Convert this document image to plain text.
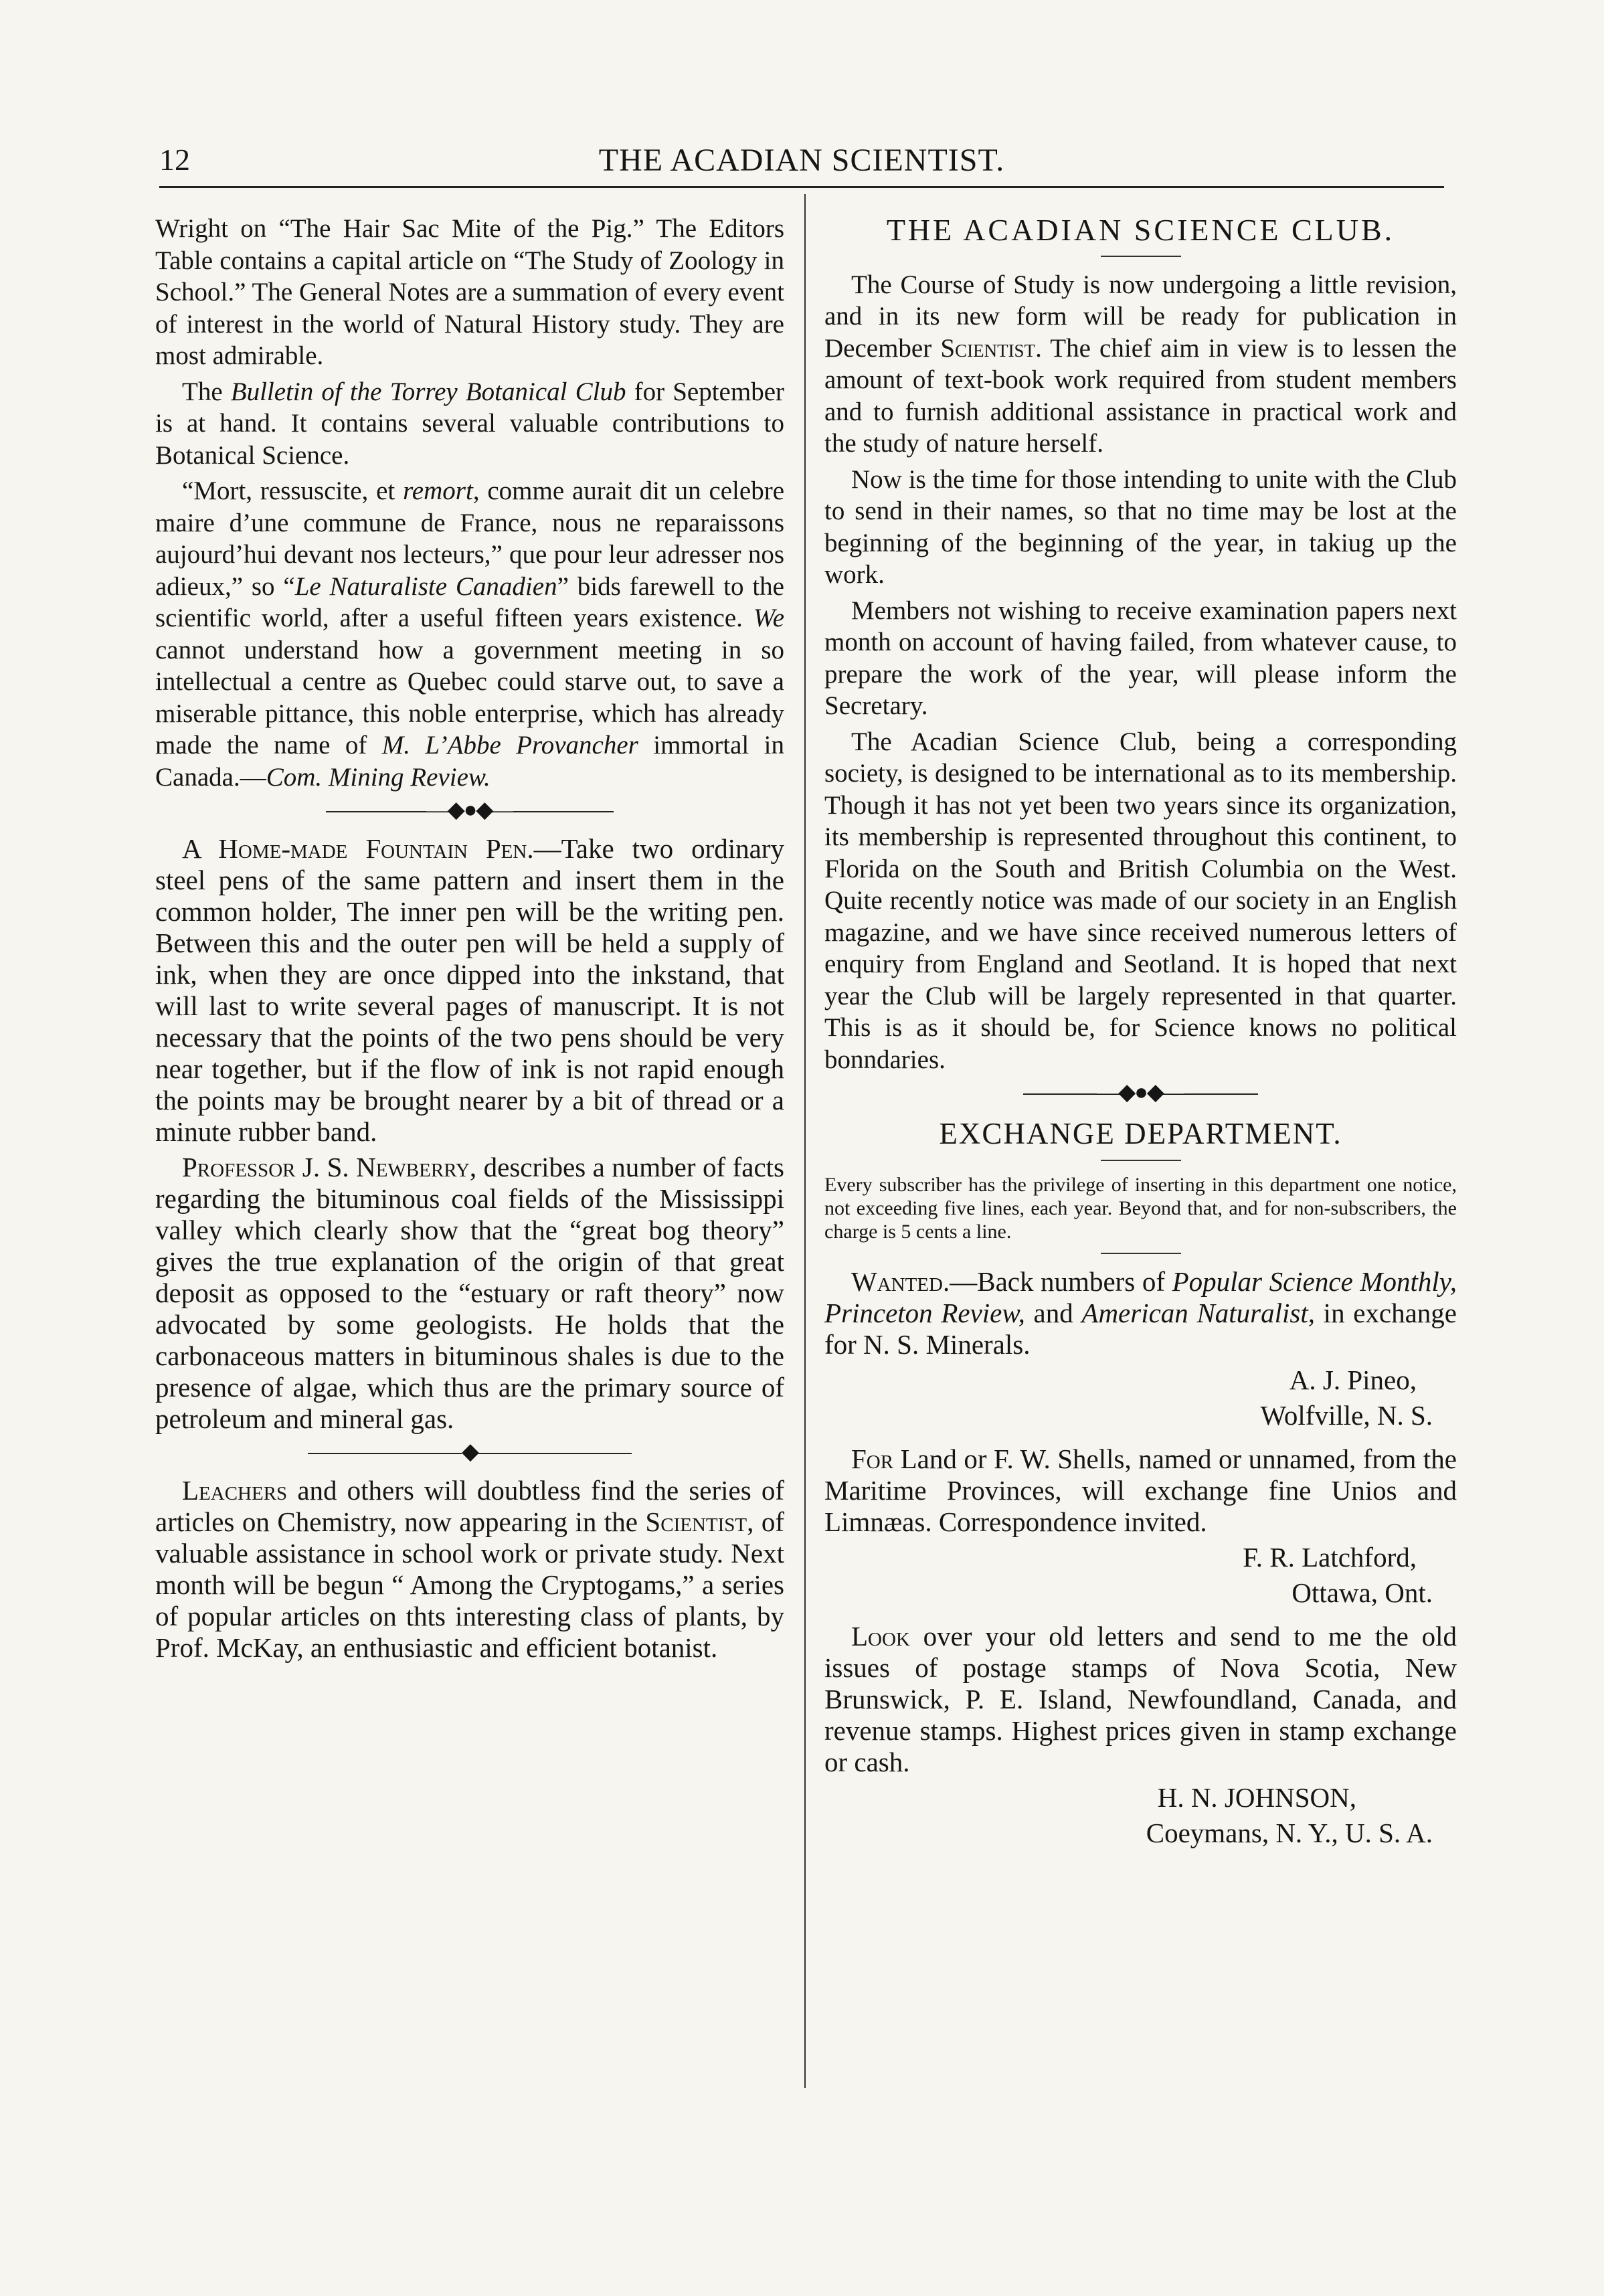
12	THE ACADIAN SCIENTIST.

Wright on “The Hair Sac Mite of the Pig.” The Editors Table contains a capital article on “The Study of Zoology in School.” The General Notes are a summation of every event of interest in the world of Natural History study. They are most admirable.

The Bulletin of the Torrey Botanical Club for September is at hand. It contains several valuable contributions to Botanical Science.

“Mort, ressuscite, et remort, comme aurait dit un celebre maire d’une commune de France, nous ne reparaissons aujourd’hui devant nos lecteurs,” que pour leur adresser nos adieux,” so “Le Naturaliste Canadien” bids farewell to the scientific world, after a useful fifteen years existence. We cannot understand how a government meeting in so intellectual a centre as Quebec could starve out, to save a miserable pittance, this noble enterprise, which has already made the name of M. L’Abbe Provancher immortal in Canada.—Com. Mining Review.

—◆●◆—

A Home-made Fountain Pen.—Take two ordinary steel pens of the same pattern and insert them in the common holder, The inner pen will be the writing pen. Between this and the outer pen will be held a supply of ink, when they are once dipped into the inkstand, that will last to write several pages of manuscript. It is not necessary that the points of the two pens should be very near together, but if the flow of ink is not rapid enough the points may be brought nearer by a bit of thread or a minute rubber band.

Professor J. S. Newberry, describes a number of facts regarding the bituminous coal fields of the Mississippi valley which clearly show that the “great bog theory” gives the true explanation of the origin of that great deposit as opposed to the “estuary or raft theory” now advocated by some geologists. He holds that the carbonaceous matters in bituminous shales is due to the presence of algae, which thus are the primary source of petroleum and mineral gas.

◆

Leachers and others will doubtless find the series of articles on Chemistry, now appearing in the Scientist, of valuable assistance in school work or private study. Next month will be begun “ Among the Cryptogams,” a series of popular articles on thts interesting class of plants, by Prof. McKay, an enthusiastic and efficient botanist.

THE ACADIAN SCIENCE CLUB.

The Course of Study is now undergoing a little revision, and in its new form will be ready for publication in December Scientist. The chief aim in view is to lessen the amount of text-book work required from student members and to furnish additional assistance in practical work and the study of nature herself.

Now is the time for those intending to unite with the Club to send in their names, so that no time may be lost at the beginning of the beginning of the year, in takiug up the work.

Members not wishing to receive examination papers next month on account of having failed, from whatever cause, to prepare the work of the year, will please inform the Secretary.

The Acadian Science Club, being a corresponding society, is designed to be international as to its membership. Though it has not yet been two years since its organization, its membership is represented throughout this continent, to Florida on the South and British Columbia on the West. Quite recently notice was made of our society in an English magazine, and we have since received numerous letters of enquiry from England and Seotland. It is hoped that next year the Club will be largely represented in that quarter. This is as it should be, for Science knows no political bonndaries.

—◆●◆—
EXCHANGE DEPARTMENT.

Every subscriber has the privilege of inserting in this department one notice, not exceeding five lines, each year. Beyond that, and for non-subscribers, the charge is 5 cents a line.

Wanted.—Back numbers of Popular Science Monthly, Princeton Review, and American Naturalist, in exchange for N. S. Minerals.

A. J. Pineo,

Wolfville, N. S.

For Land or F. W. Shells, named or unnamed, from the Maritime Provinces, will exchange fine Unios and Limnæas. Correspondence invited.

F. R. Latchford,

Ottawa, Ont.

Look over your old letters and send to me the old issues of postage stamps of Nova Scotia, New Brunswick, P. E. Island, Newfoundland, Canada, and revenue stamps. Highest prices given in stamp exchange or cash.

H. N. JOHNSON,

Coeymans, N. Y., U. S. A.
